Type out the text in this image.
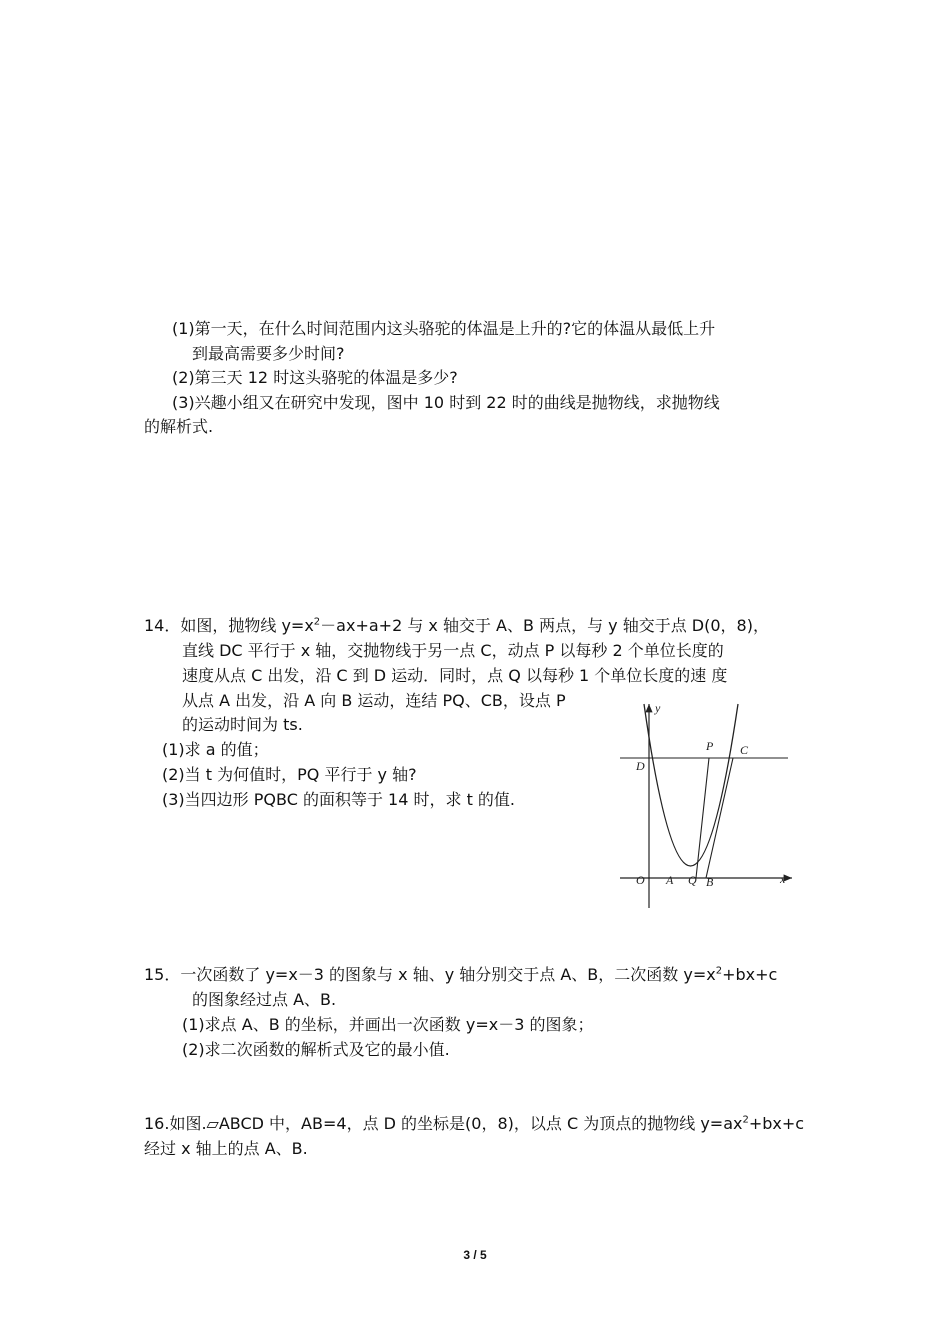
(1)第一天，在什么时间范围内这头骆驼的体温是上升的?它的体温从最低上升
到最高需要多少时间?
(2)第三天 12 时这头骆驼的体温是多少?
(3)兴趣小组又在研究中发现，图中 10 时到 22 时的曲线是抛物线，求抛物线
的解析式.
14．如图，抛物线 $y=x^2-ax+a+2$ 与 x 轴交于 A、B 两点，与 y 轴交于点 D(0，8)，
直线 DC 平行于 x 轴，交抛物线于另一点 C，动点 P 以每秒 2 个单位长度的
速度从点 C 出发，沿 C 到 D 运动．同时，点 Q 以每秒 1 个单位长度的速 度
从点 A 出发，沿 A 向 B 运动，连结 PQ、CB，设点 P
的运动时间为 ts.
(1)求 a 的值；
(2)当 t 为何值时，PQ 平行于 y 轴?
(3)当四边形 PQBC 的面积等于 14 时，求 t 的值.
y
x
O A Q B
D
P C
15．一次函数了 y=x－3 的图象与 x 轴、y 轴分别交于点 A、B，二次函数 $y=x^2+bx+c$
的图象经过点 A、B.
(1)求点 A、B 的坐标，并画出一次函数 y=x－3 的图象；
(2)求二次函数的解析式及它的最小值.
16.如图.▱ABCD 中，AB=4，点 D 的坐标是(0，8)，以点 C 为顶点的抛物线 $y=ax^2+bx+c$
经过 x 轴上的点 A、B.
3 / 5
